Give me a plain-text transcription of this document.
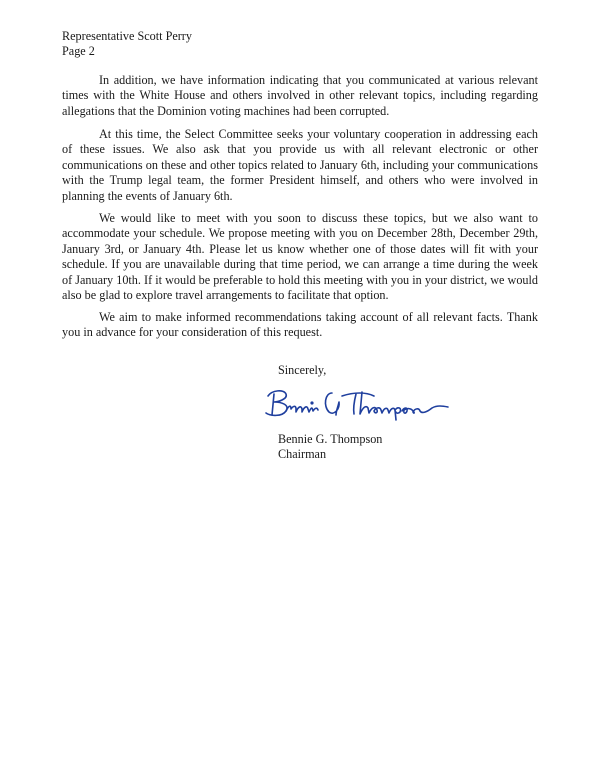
Representative Scott Perry
Page 2

In addition, we have information indicating that you communicated at various relevant times with the White House and others involved in other relevant topics, including regarding allegations that the Dominion voting machines had been corrupted.

At this time, the Select Committee seeks your voluntary cooperation in addressing each of these issues. We also ask that you provide us with all relevant electronic or other communications on these and other topics related to January 6th, including your communications with the Trump legal team, the former President himself, and others who were involved in planning the events of January 6th.

We would like to meet with you soon to discuss these topics, but we also want to accommodate your schedule. We propose meeting with you on December 28th, December 29th, January 3rd, or January 4th. Please let us know whether one of those dates will fit with your schedule. If you are unavailable during that time period, we can arrange a time during the week of January 10th. If it would be preferable to hold this meeting with you in your district, we would also be glad to explore travel arrangements to facilitate that option.

We aim to make informed recommendations taking account of all relevant facts. Thank you in advance for your consideration of this request.

Sincerely,
Bennie G. Thompson
Chairman
